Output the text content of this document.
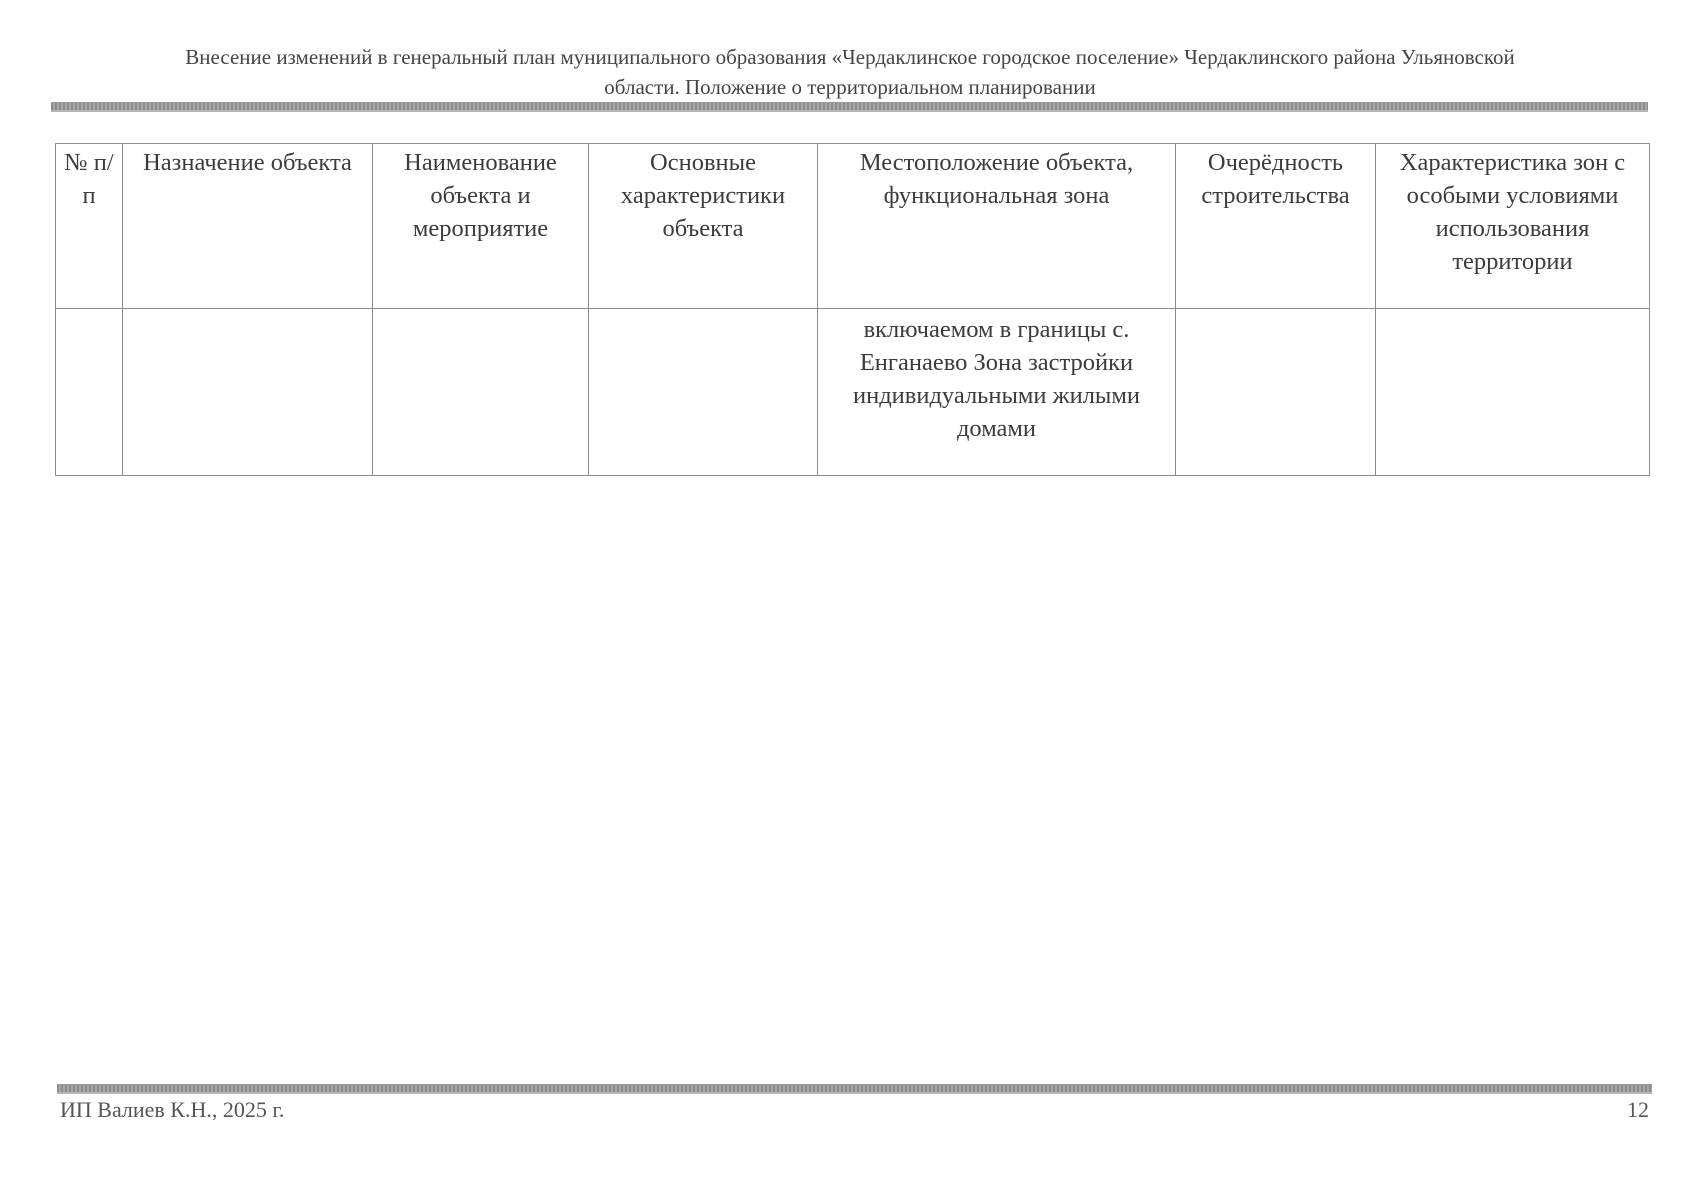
Внесение изменений в генеральный план муниципального образования «Чердаклинское городское поселение» Чердаклинского района Ульяновской
области. Положение о территориальном планировании
№ п/п	Назначение объекта	Наименование объекта и мероприятие	Основные характеристики объекта	Местоположение объекта, функциональная зона	Очерёдность строительства	Характеристика зон с особыми условиями использования территории
				включаемом в границы с. Енганаево Зона застройки индивидуальными жилыми домами		
ИП Валиев К.Н., 2025 г.	12
